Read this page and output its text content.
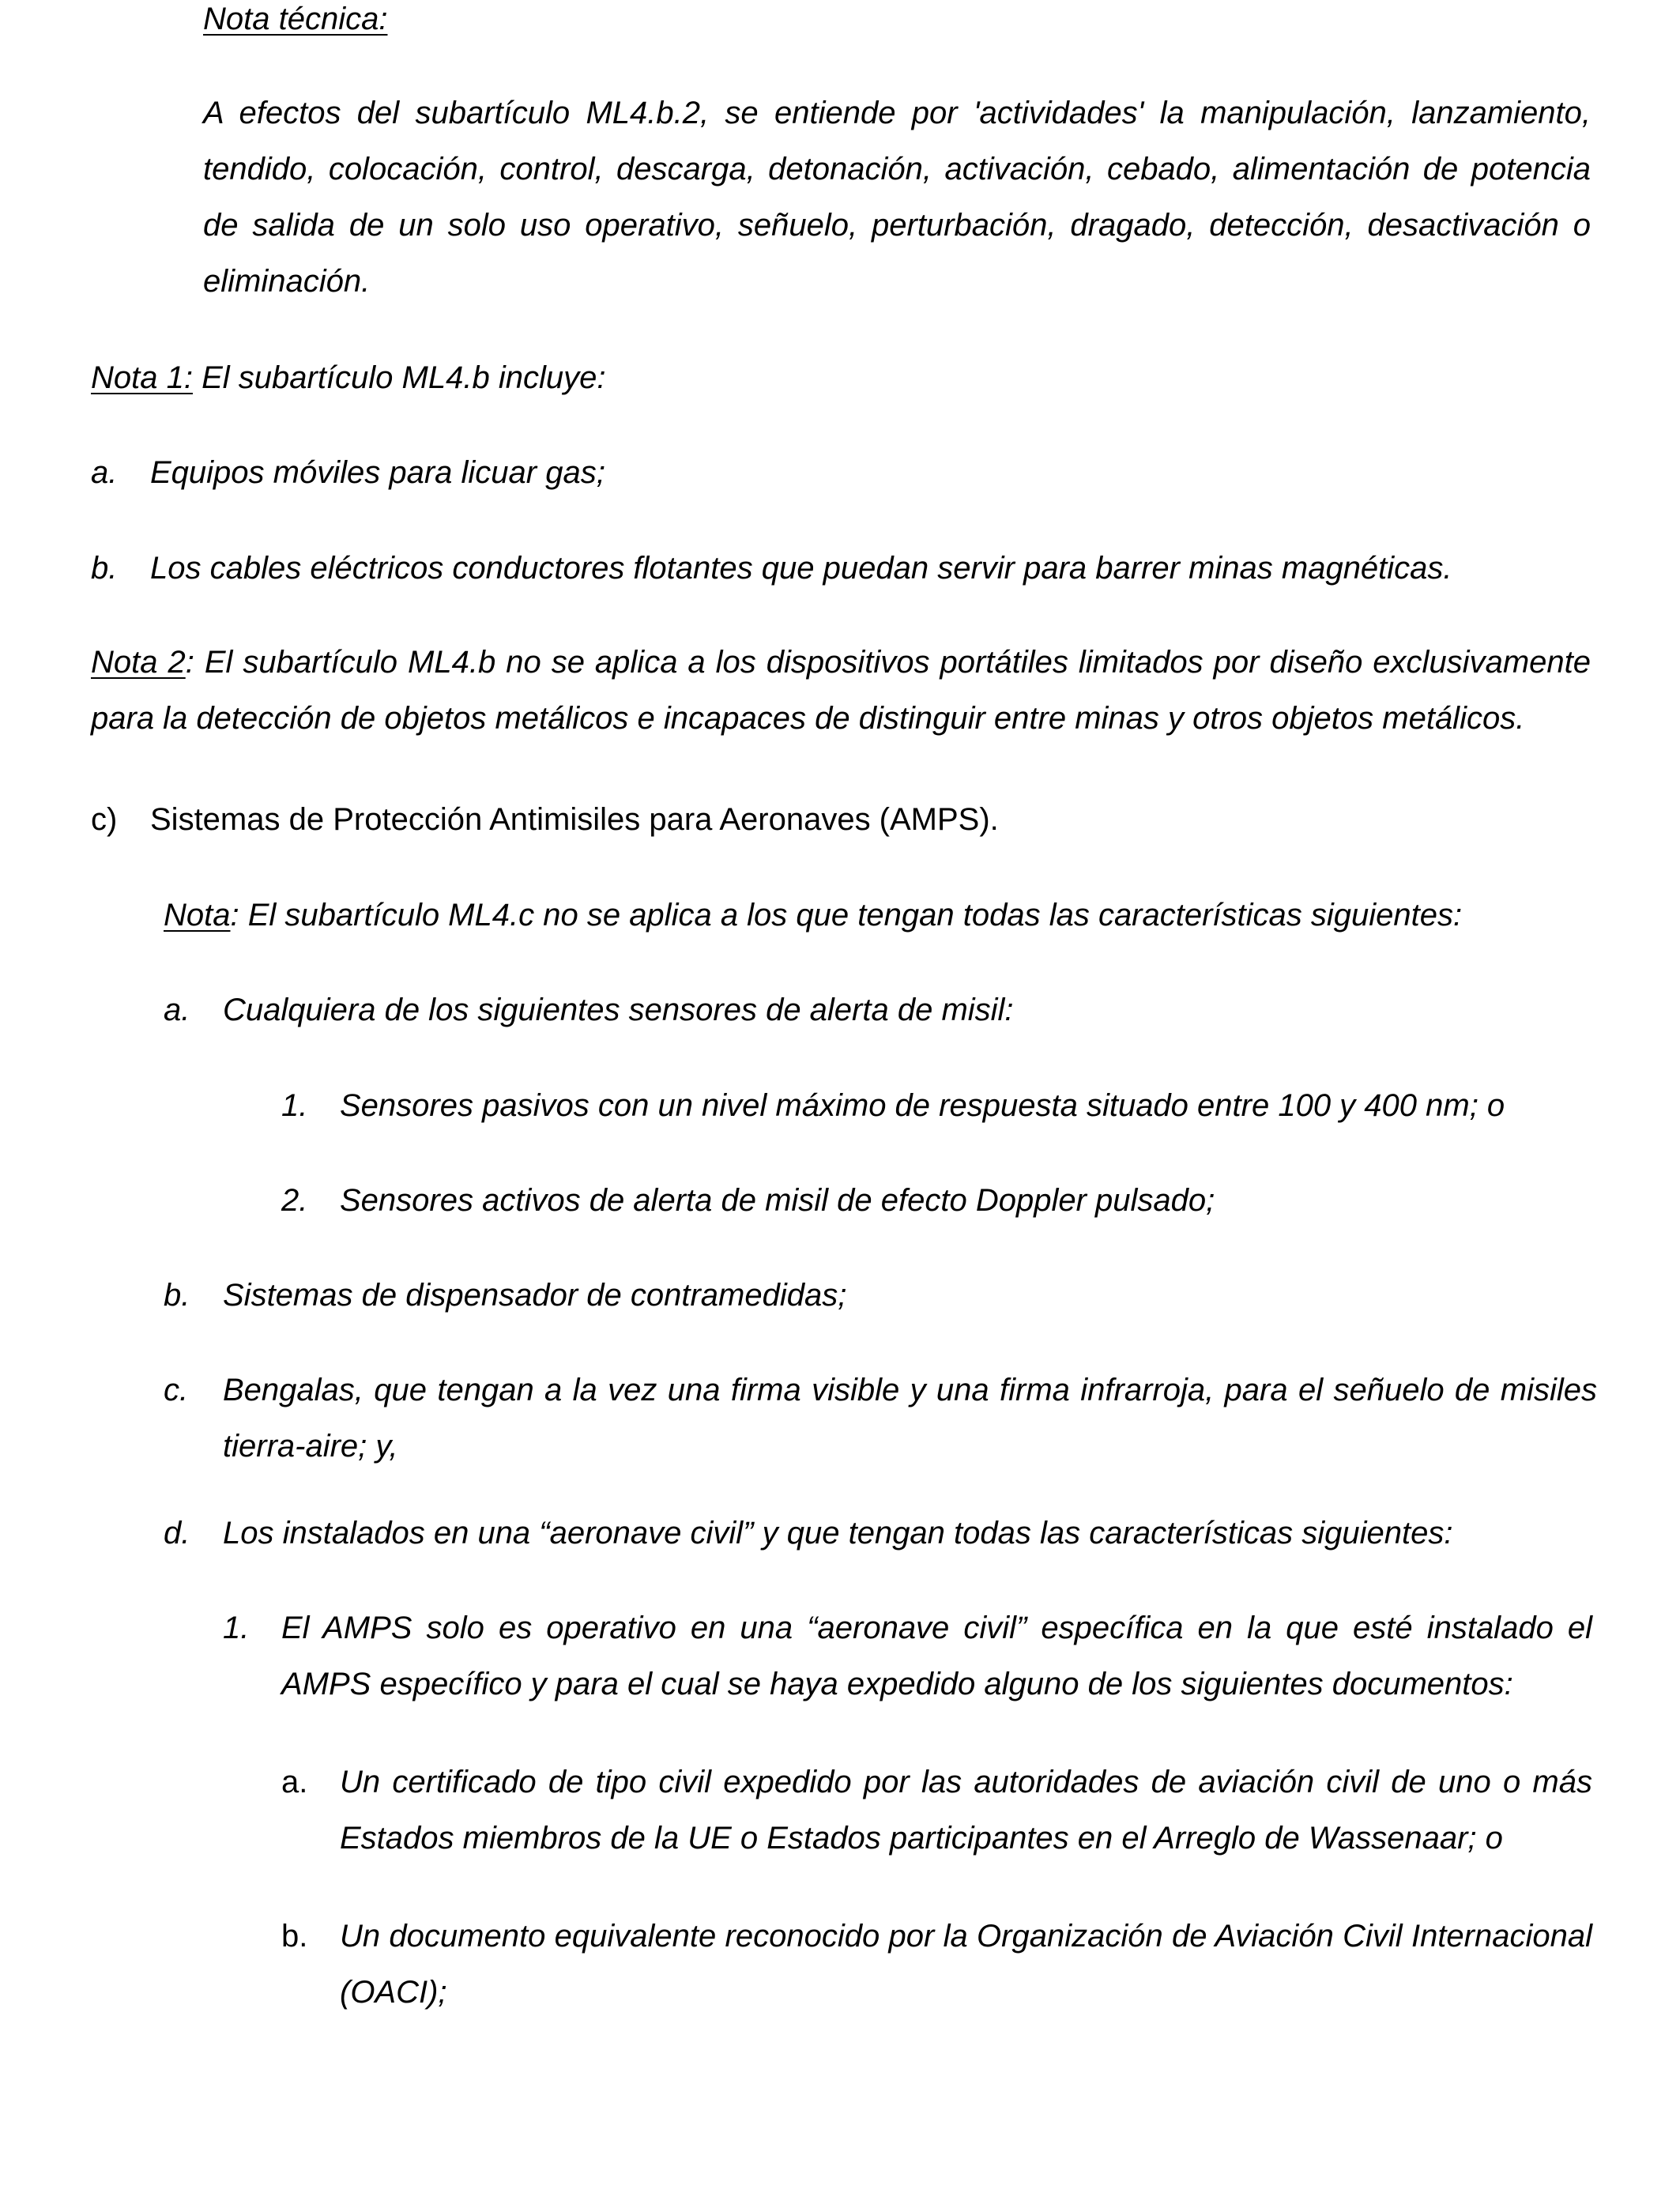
Nota técnica:

A efectos del subartículo ML4.b.2, se entiende por 'actividades' la manipulación, lanzamiento, tendido, colocación, control, descarga, detonación, activación, cebado, alimentación de potencia de salida de un solo uso operativo, señuelo, perturbación, dragado, detección, desactivación o eliminación.

Nota 1: El subartículo ML4.b incluye:

a. Equipos móviles para licuar gas;
b. Los cables eléctricos conductores flotantes que puedan servir para barrer minas magnéticas.

Nota 2: El subartículo ML4.b no se aplica a los dispositivos portátiles limitados por diseño exclusivamente para la detección de objetos metálicos e incapaces de distinguir entre minas y otros objetos metálicos.

c) Sistemas de Protección Antimisiles para Aeronaves (AMPS).

Nota: El subartículo ML4.c no se aplica a los que tengan todas las características siguientes:

a. Cualquiera de los siguientes sensores de alerta de misil:
1. Sensores pasivos con un nivel máximo de respuesta situado entre 100 y 400 nm; o
2. Sensores activos de alerta de misil de efecto Doppler pulsado;
b. Sistemas de dispensador de contramedidas;
c. Bengalas, que tengan a la vez una firma visible y una firma infrarroja, para el señuelo de misiles tierra-aire; y,

d. Los instalados en una “aeronave civil” y que tengan todas las características siguientes:
1. El AMPS solo es operativo en una “aeronave civil” específica en la que esté instalado el AMPS específico y para el cual se haya expedido alguno de los siguientes documentos:

a. Un certificado de tipo civil expedido por las autoridades de aviación civil de uno o más Estados miembros de la UE o Estados participantes en el Arreglo de Wassenaar; o

b. Un documento equivalente reconocido por la Organización de Aviación Civil Internacional (OACI);
